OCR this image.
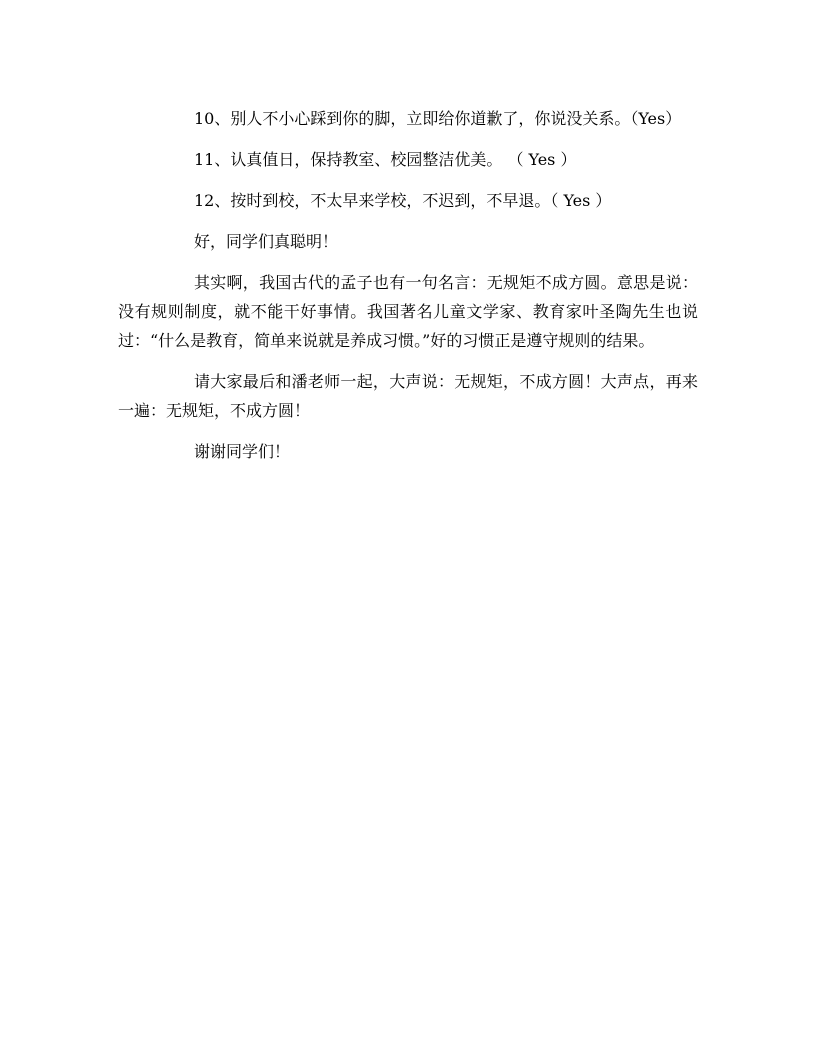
10、别人不小心踩到你的脚，立即给你道歉了，你说没关系。（Yes）

11、认真值日，保持教室、校园整洁优美。 （ Yes ）

12、按时到校，不太早来学校，不迟到，不早退。（ Yes ）

好，同学们真聪明！

其实啊，我国古代的孟子也有一句名言：无规矩不成方圆。意思是说：没有规则制度，就不能干好事情。我国著名儿童文学家、教育家叶圣陶先生也说过：“什么是教育，简单来说就是养成习惯。”好的习惯正是遵守规则的结果。

请大家最后和潘老师一起，大声说：无规矩，不成方圆！大声点，再来一遍：无规矩，不成方圆！

谢谢同学们！
